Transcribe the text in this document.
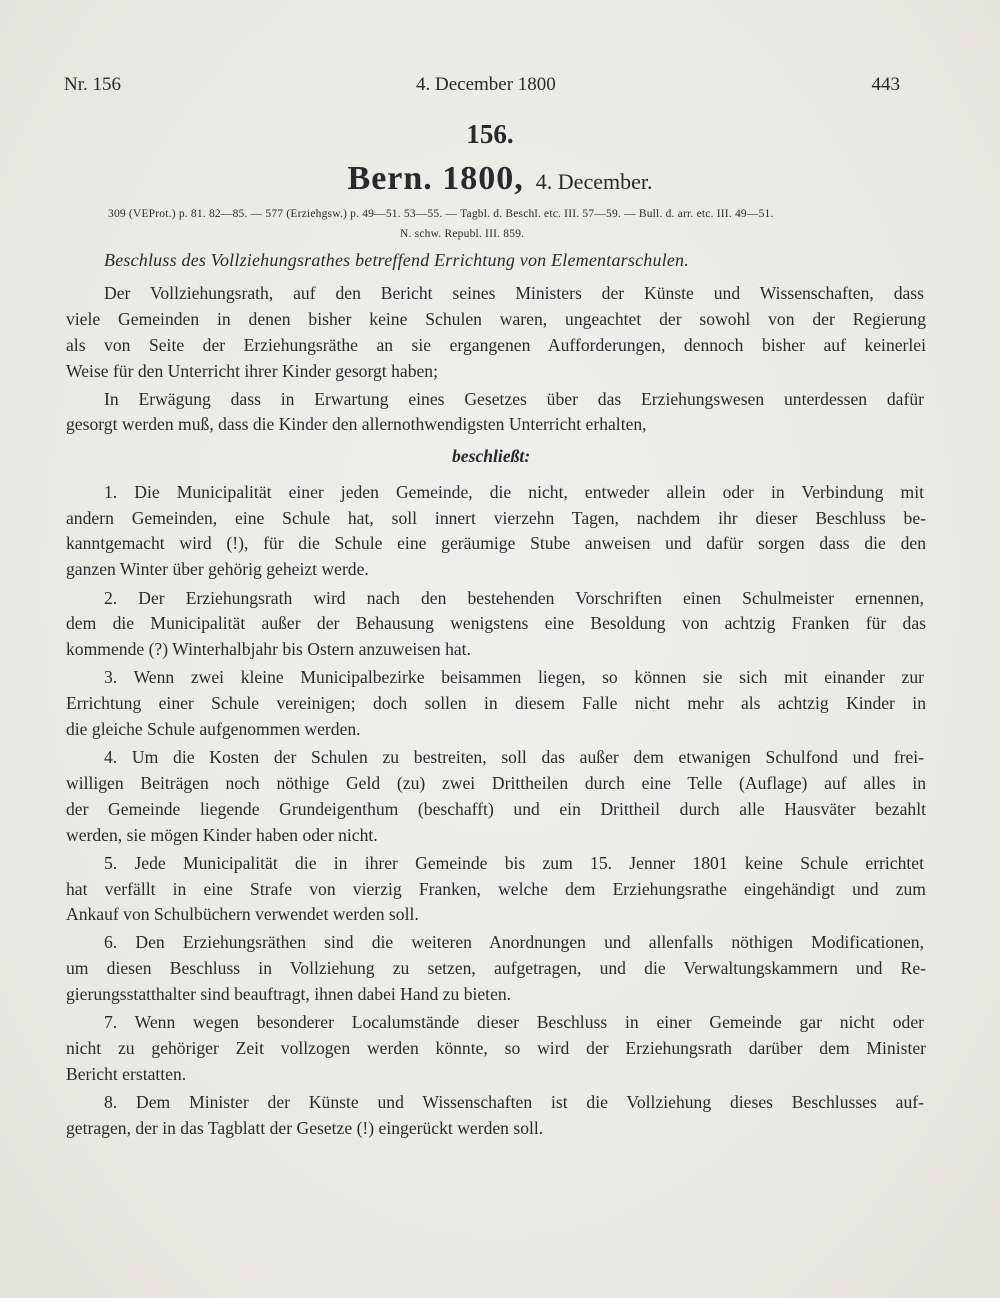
Nr. 156	4. December 1800	443
156.
Bern. 1800, 4. December.
309 (VEProt.) p. 81. 82—85. — 577 (Erziehgsw.) p. 49—51. 53—55. — Tagbl. d. Beschl. etc. III. 57—59. — Bull. d. arr. etc. III. 49—51.
N. schw. Republ. III. 859.
Beschluss des Vollziehungsrathes betreffend Errichtung von Elementarschulen.
Der Vollziehungsrath, auf den Bericht seines Ministers der Künste und Wissenschaften, dass
viele Gemeinden in denen bisher keine Schulen waren, ungeachtet der sowohl von der Regierung
als von Seite der Erziehungsräthe an sie ergangenen Aufforderungen, dennoch bisher auf keinerlei
Weise für den Unterricht ihrer Kinder gesorgt haben;
In Erwägung dass in Erwartung eines Gesetzes über das Erziehungswesen unterdessen dafür
gesorgt werden muß, dass die Kinder den allernothwendigsten Unterricht erhalten,
beschließt:
1. Die Municipalität einer jeden Gemeinde, die nicht, entweder allein oder in Verbindung mit
andern Gemeinden, eine Schule hat, soll innert vierzehn Tagen, nachdem ihr dieser Beschluss be-
kanntgemacht wird (!), für die Schule eine geräumige Stube anweisen und dafür sorgen dass die den
ganzen Winter über gehörig geheizt werde.
2. Der Erziehungsrath wird nach den bestehenden Vorschriften einen Schulmeister ernennen,
dem die Municipalität außer der Behausung wenigstens eine Besoldung von achtzig Franken für das
kommende (?) Winterhalbjahr bis Ostern anzuweisen hat.
3. Wenn zwei kleine Municipalbezirke beisammen liegen, so können sie sich mit einander zur
Errichtung einer Schule vereinigen; doch sollen in diesem Falle nicht mehr als achtzig Kinder in
die gleiche Schule aufgenommen werden.
4. Um die Kosten der Schulen zu bestreiten, soll das außer dem etwanigen Schulfond und frei-
willigen Beiträgen noch nöthige Geld (zu) zwei Drittheilen durch eine Telle (Auflage) auf alles in
der Gemeinde liegende Grundeigenthum (beschafft) und ein Drittheil durch alle Hausväter bezahlt
werden, sie mögen Kinder haben oder nicht.
5. Jede Municipalität die in ihrer Gemeinde bis zum 15. Jenner 1801 keine Schule errichtet
hat verfällt in eine Strafe von vierzig Franken, welche dem Erziehungsrathe eingehändigt und zum
Ankauf von Schulbüchern verwendet werden soll.
6. Den Erziehungsräthen sind die weiteren Anordnungen und allenfalls nöthigen Modificationen,
um diesen Beschluss in Vollziehung zu setzen, aufgetragen, und die Verwaltungskammern und Re-
gierungsstatthalter sind beauftragt, ihnen dabei Hand zu bieten.
7. Wenn wegen besonderer Localumstände dieser Beschluss in einer Gemeinde gar nicht oder
nicht zu gehöriger Zeit vollzogen werden könnte, so wird der Erziehungsrath darüber dem Minister
Bericht erstatten.
8. Dem Minister der Künste und Wissenschaften ist die Vollziehung dieses Beschlusses auf-
getragen, der in das Tagblatt der Gesetze (!) eingerückt werden soll.
